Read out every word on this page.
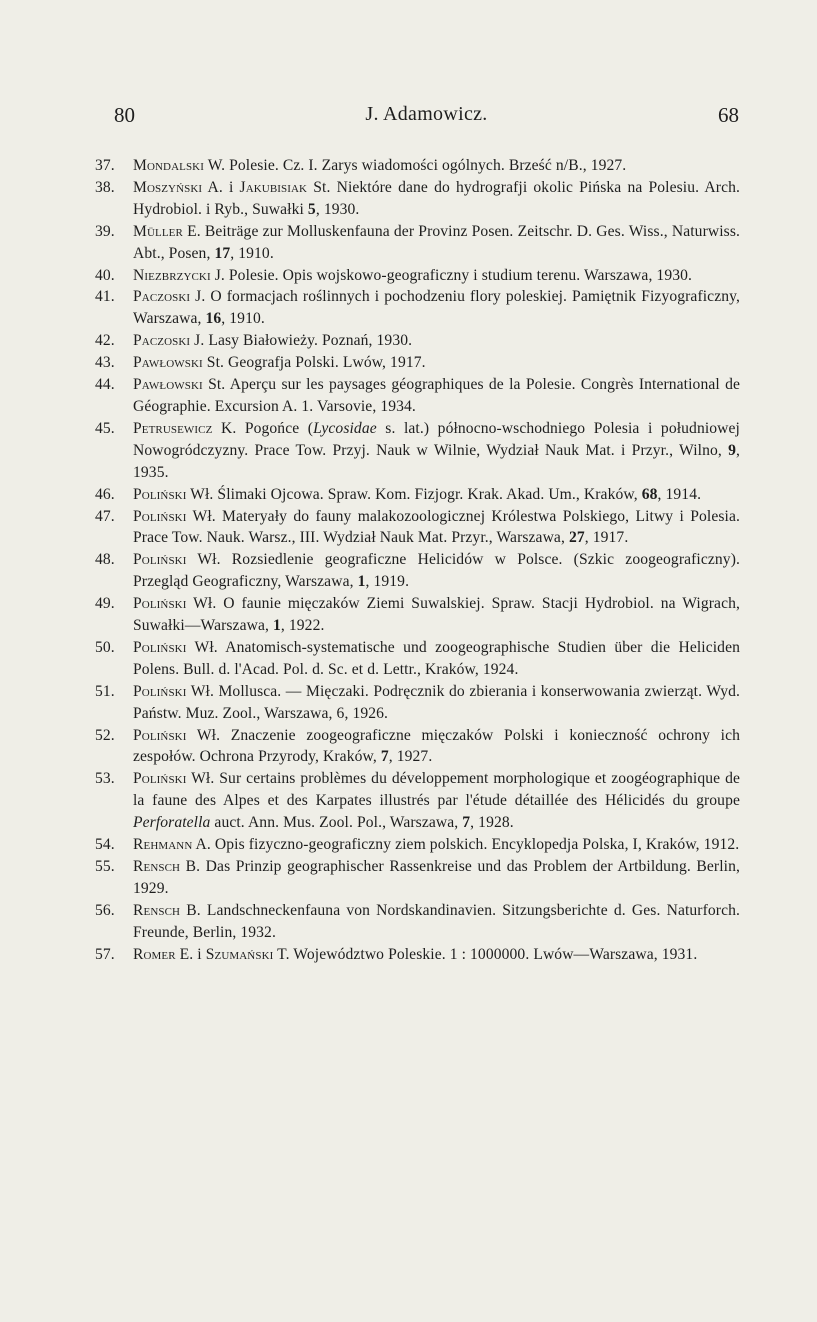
80	J. Adamowicz.	68
37. Mondalski W. Polesie. Cz. I. Zarys wiadomości ogólnych. Brześć n/B., 1927.
38. Moszyński A. i Jakubisiak St. Niektóre dane do hydrografji okolic Pińska na Polesiu. Arch. Hydrobiol. i Ryb., Suwałki 5, 1930.
39. Müller E. Beiträge zur Molluskenfauna der Provinz Posen. Zeitschr. D. Ges. Wiss., Naturwiss. Abt., Posen, 17, 1910.
40. Niezbrzycki J. Polesie. Opis wojskowo-geograficzny i studium terenu. Warszawa, 1930.
41. Paczoski J. O formacjach roślinnych i pochodzeniu flory poleskiej. Pamiętnik Fizyograficzny, Warszawa, 16, 1910.
42. Paczoski J. Lasy Białowieży. Poznań, 1930.
43. Pawłowski St. Geografja Polski. Lwów, 1917.
44. Pawłowski St. Aperçu sur les paysages géographiques de la Polesie. Congrès International de Géographie. Excursion A. 1. Varsovie, 1934.
45. Petrusewicz K. Pogońce (Lycosidae s. lat.) północno-wschodniego Polesia i południowej Nowogródczyzny. Prace Tow. Przyj. Nauk w Wilnie, Wydział Nauk Mat. i Przyr., Wilno, 9, 1935.
46. Poliński Wł. Ślimaki Ojcowa. Spraw. Kom. Fizjogr. Krak. Akad. Um., Kraków, 68, 1914.
47. Poliński Wł. Materyały do fauny malakozoologicznej Królestwa Polskiego, Litwy i Polesia. Prace Tow. Nauk. Warsz., III. Wydział Nauk Mat. Przyr., Warszawa, 27, 1917.
48. Poliński Wł. Rozsiedlenie geograficzne Helicidów w Polsce. (Szkic zoogeograficzny). Przegląd Geograficzny, Warszawa, 1, 1919.
49. Poliński Wł. O faunie mięczaków Ziemi Suwalskiej. Spraw. Stacji Hydrobiol. na Wigrach, Suwałki—Warszawa, 1, 1922.
50. Poliński Wł. Anatomisch-systematische und zoogeographische Studien über die Heliciden Polens. Bull. d. l'Acad. Pol. d. Sc. et d. Lettr., Kraków, 1924.
51. Poliński Wł. Mollusca. — Mięczaki. Podręcznik do zbierania i konserwowania zwierząt. Wyd. Państw. Muz. Zool., Warszawa, 6, 1926.
52. Poliński Wł. Znaczenie zoogeograficzne mięczaków Polski i konieczność ochrony ich zespołów. Ochrona Przyrody, Kraków, 7, 1927.
53. Poliński Wł. Sur certains problèmes du développement morphologique et zoogéographique de la faune des Alpes et des Karpates illustrés par l'étude détaillée des Hélicidés du groupe Perforatella auct. Ann. Mus. Zool. Pol., Warszawa, 7, 1928.
54. Rehmann A. Opis fizyczno-geograficzny ziem polskich. Encyklopedja Polska, I, Kraków, 1912.
55. Rensch B. Das Prinzip geographischer Rassenkreise und das Problem der Artbildung. Berlin, 1929.
56. Rensch B. Landschneckenfauna von Nordskandinavien. Sitzungsberichte d. Ges. Naturforch. Freunde, Berlin, 1932.
57. Romer E. i Szumański T. Województwo Poleskie. 1 : 1000000. Lwów—Warszawa, 1931.
